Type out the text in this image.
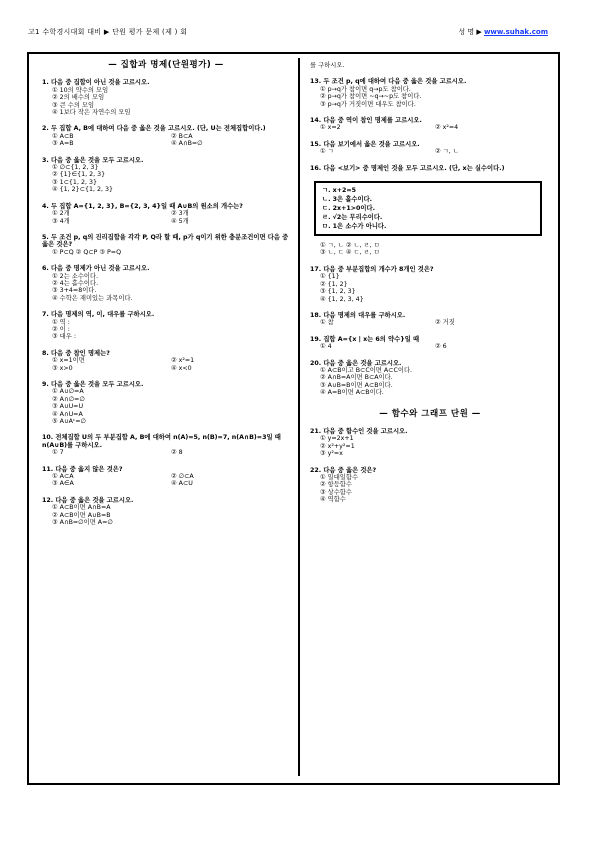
고1 수학경시대회 대비 ▶ 단원 평가 문제 (제 ) 회	성 명 ▶ www.suhak.com
— 집합과 명제(단원평가) —
1. 다음 중 집합이 아닌 것을 고르시오.
① 10의 약수의 모임
② 2의 배수의 모임
③ 큰 수의 모임
④ 1보다 작은 자연수의 모임
2. 두 집합 A, B에 대하여 다음 중 옳은 것을 고르시오. (단, U는 전체집합이다.)
① A⊂B	② B⊂A
③ A=B	④ A∩B=∅
3. 다음 중 옳은 것을 모두 고르시오.
① ∅⊂{1, 2, 3}
② {1}∈{1, 2, 3}
③ 1⊂{1, 2, 3}
④ {1, 2}⊂{1, 2, 3}
4. 두 집합 A={1, 2, 3}, B={2, 3, 4}일 때 A∪B의 원소의 개수는?
① 2개	② 3개
③ 4개	④ 5개
5. 두 조건 p, q의 진리집합을 각각 P, Q라 할 때, p가 q이기 위한 충분조건이면 다음 중 옳은 것은?
① P⊂Q ② Q⊂P ③ P=Q
6. 다음 중 명제가 아닌 것을 고르시오.
① 2는 소수이다.
② 4는 홀수이다.
③ 3+4=8이다.
④ 수학은 재미있는 과목이다.
7. 다음 명제의 역, 이, 대우를 구하시오.
① 역 :
② 이 :
③ 대우 :
8. 다음 중 참인 명제는?
① x=1이면	② x²=1
③ x>0	④ x<0
9. 다음 중 옳은 것을 모두 고르시오.
① A∪∅=A
② A∩∅=∅
③ A∪U=U
④ A∩U=A
⑤ A∪Aᶜ=∅
10. 전체집합 U의 두 부분집합 A, B에 대하여 n(A)=5, n(B)=7, n(A∩B)=3일 때 n(A∪B)를 구하시오.
① 7	② 8
11. 다음 중 옳지 않은 것은?
① A⊂A	② ∅⊂A
③ A∈A	④ A⊂U
12. 다음 중 옳은 것을 고르시오.
① A⊂B이면 A∩B=A
② A⊂B이면 A∪B=B
③ A∩B=∅이면 A=∅
를 구하시오.
13. 두 조건 p, q에 대하여 다음 중 옳은 것을 고르시오.
① p→q가 참이면 q→p도 참이다.
② p→q가 참이면 ~q→~p도 참이다.
③ p→q가 거짓이면 대우도 참이다.
14. 다음 중 역이 참인 명제를 고르시오.
① x=2	② x²=4
15. 다음 보기에서 옳은 것을 고르시오.
① ㄱ	② ㄱ, ㄴ
16. 다음 <보기> 중 명제인 것을 모두 고르시오. (단, x는 실수이다.)
ㄱ. x+2=5
ㄴ. 3은 홀수이다.
ㄷ. 2x+1>0이다.
ㄹ. √2는 무리수이다.
ㅁ. 1은 소수가 아니다.
① ㄱ, ㄴ ② ㄴ, ㄹ, ㅁ
③ ㄴ, ㄷ ④ ㄷ, ㄹ, ㅁ
17. 다음 중 부분집합의 개수가 8개인 것은?
① {1}
② {1, 2}
③ {1, 2, 3}
④ {1, 2, 3, 4}
18. 다음 명제의 대우를 구하시오.
① 참	② 거짓
19. 집합 A={x | x는 6의 약수}일 때
① 4	② 6
20. 다음 중 옳은 것을 고르시오.
① A⊂B이고 B⊂C이면 A⊂C이다.
② A∩B=A이면 B⊂A이다.
③ A∪B=B이면 A⊂B이다.
④ A=B이면 A⊂B이다.
— 함수와 그래프 단원 —
21. 다음 중 함수인 것을 고르시오.
① y=2x+1
② x²+y²=1
③ y²=x
22. 다음 중 옳은 것은?
① 일대일함수
② 항등함수
③ 상수함수
④ 역함수
